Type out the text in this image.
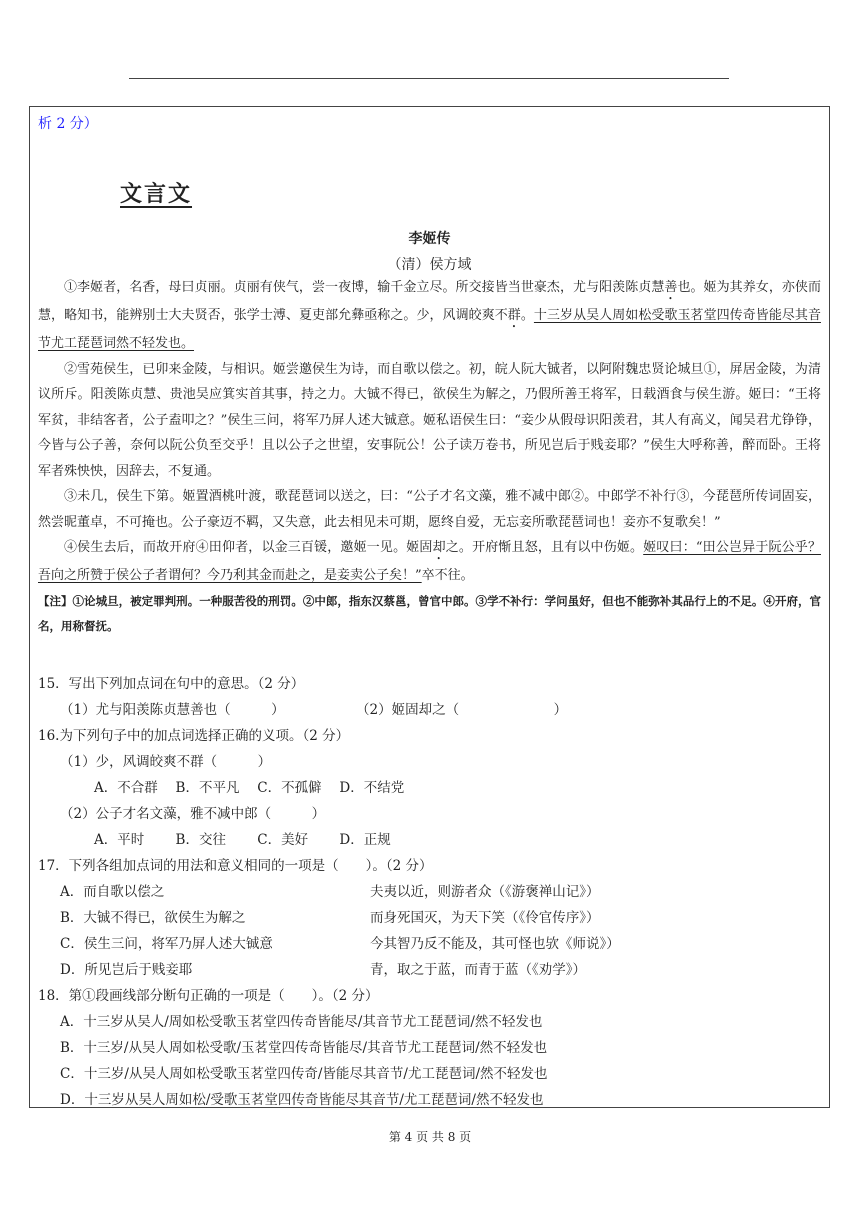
析 2 分）
文言文
李姬传
（清）侯方域

①李姬者，名香，母曰贞丽。贞丽有侠气，尝一夜博，输千金立尽。所交接皆当世豪杰，尤与阳羡陈贞慧善也。姬为其养女，亦侠而慧，略知书，能辨别士大夫贤否，张学士溥、夏吏部允彝亟称之。少，风调皎爽不群。十三岁从吴人周如松受歌玉茗堂四传奇皆能尽其音节尤工琵琶词然不轻发也。

②雪苑侯生，已卯来金陵，与相识。姬尝邀侯生为诗，而自歌以偿之。初，皖人阮大铖者，以阿附魏忠贤论城旦①，屏居金陵，为清议所斥。阳羡陈贞慧、贵池吴应箕实首其事，持之力。大铖不得已，欲侯生为解之，乃假所善王将军，日载酒食与侯生游。姬曰：“王将军贫，非结客者，公子盍叩之？”侯生三问，将军乃屏人述大铖意。姬私语侯生曰：“妾少从假母识阳羡君，其人有高义，闻吴君尤铮铮，今皆与公子善，奈何以阮公负至交乎！且以公子之世望，安事阮公！公子读万卷书，所见岂后于贱妾耶？”侯生大呼称善，醉而卧。王将军者殊怏怏，因辞去，不复通。

③未几，侯生下第。姬置酒桃叶渡，歌琵琶词以送之，曰：“公子才名文藻，雅不减中郎②。中郎学不补行③，今琵琶所传词固妄，然尝昵董卓，不可掩也。公子豪迈不羁，又失意，此去相见未可期，愿终自爱，无忘妾所歌琵琶词也！妾亦不复歌矣！”

④侯生去后，而故开府④田仰者，以金三百锾，邀姬一见。姬固却之。开府惭且怒，且有以中伤姬。姬叹曰：“田公岂异于阮公乎？吾向之所赞于侯公子者谓何？今乃利其金而赴之，是妾卖公子矣！”卒不往。

【注】①论城旦，被定罪判刑。一种服苦役的刑罚。②中郎，指东汉蔡邕，曾官中郎。③学不补行：学问虽好，但也不能弥补其品行上的不足。④开府，官名，用称督抚。

15．写出下列加点词在句中的意思。（2 分）
（1）尤与阳羡陈贞慧善也（　　　）	（2）姬固却之（　　　　　　　）
16.为下列句子中的加点词选择正确的义项。（2 分）
（1）少，风调皎爽不群（　　　）
A．不合群　 B．不平凡　 C．不孤僻　 D．不结党
（2）公子才名文藻，雅不减中郎（　　　）
A．平时　　 B．交往　　 C．美好　　 D．正规
17．下列各组加点词的用法和意义相同的一项是（　　）。（2 分）
A．而自歌以偿之	夫夷以近，则游者众（《游褒禅山记》）
B．大铖不得已，欲侯生为解之	而身死国灭，为天下笑（《伶官传序》）
C．侯生三问，将军乃屏人述大铖意	今其智乃反不能及，其可怪也欤《师说》）
D．所见岂后于贱妾耶	青，取之于蓝，而青于蓝（《劝学》）
18．第①段画线部分断句正确的一项是（　　）。（2 分）
A．十三岁从吴人/周如松受歌玉茗堂四传奇皆能尽/其音节尤工琵琶词/然不轻发也
B．十三岁/从吴人周如松受歌/玉茗堂四传奇皆能尽/其音节尤工琵琶词/然不轻发也
C．十三岁/从吴人周如松受歌玉茗堂四传奇/皆能尽其音节/尤工琵琶词/然不轻发也
D．十三岁从吴人周如松/受歌玉茗堂四传奇皆能尽其音节/尤工琵琶词/然不轻发也
第 4 页 共 8 页
